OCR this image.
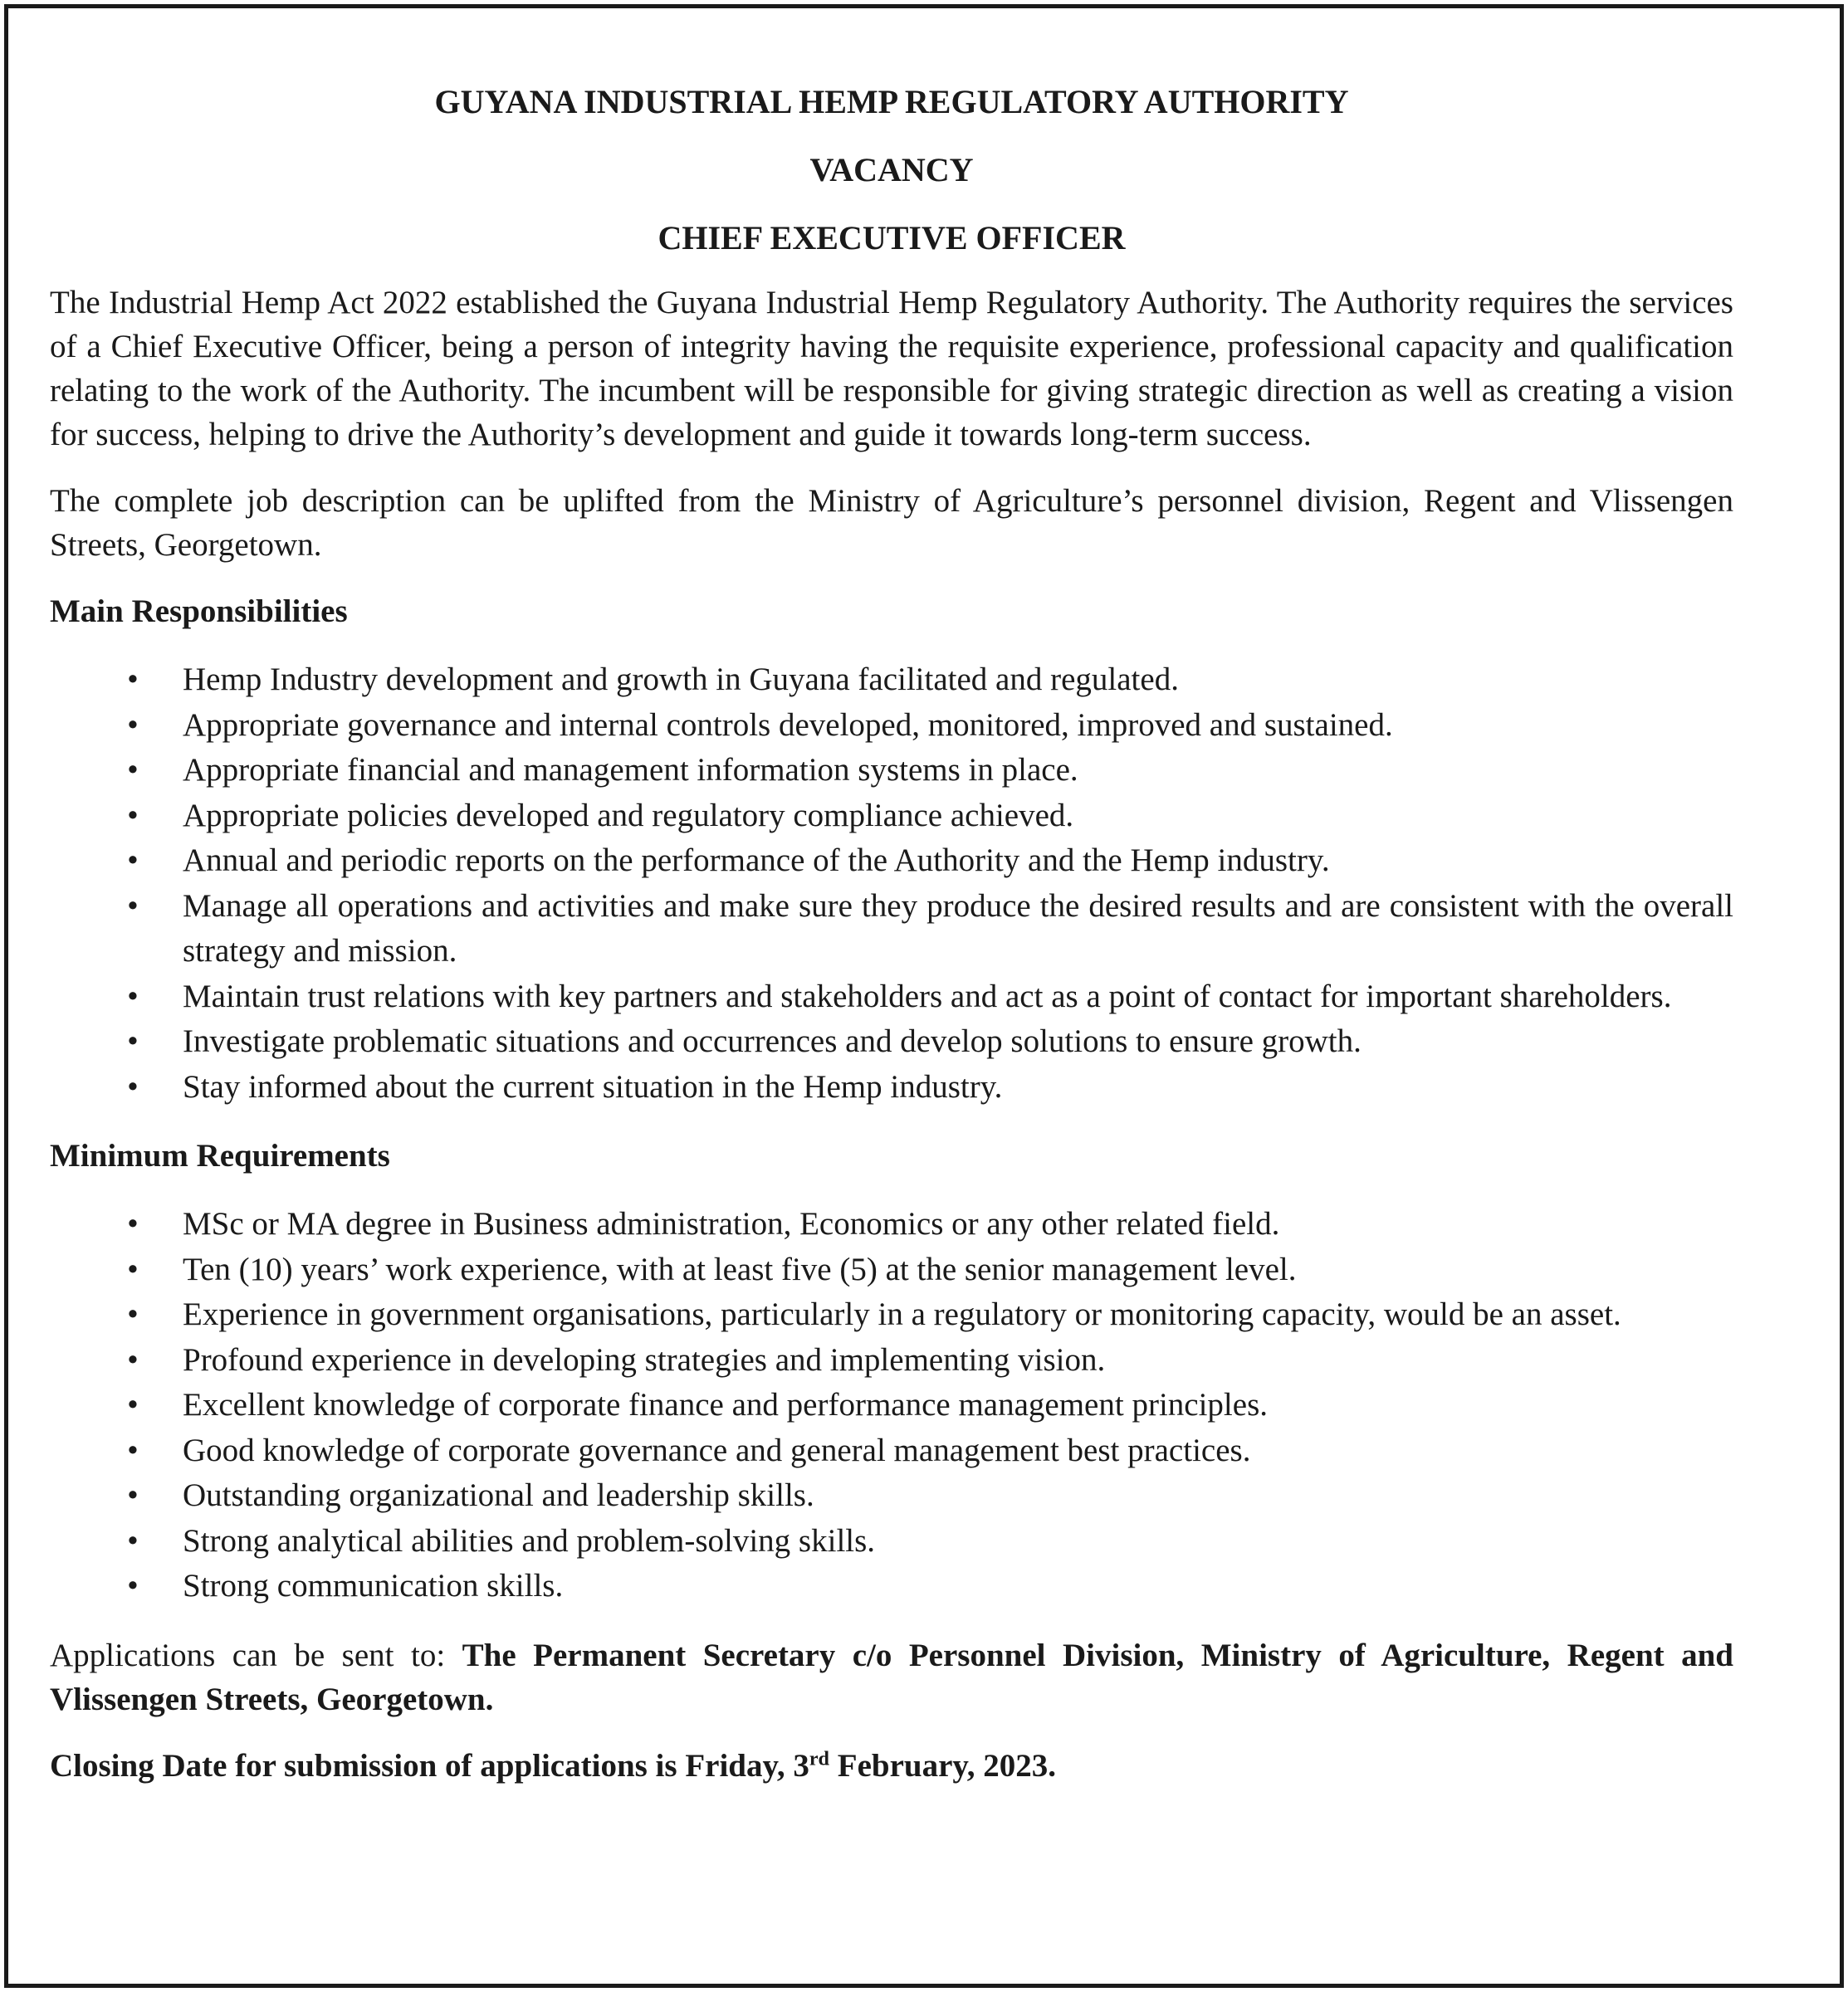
GUYANA INDUSTRIAL HEMP REGULATORY AUTHORITY
VACANCY
CHIEF EXECUTIVE OFFICER

The Industrial Hemp Act 2022 established the Guyana Industrial Hemp Regulatory Authority. The Authority requires the services of a Chief Executive Officer, being a person of integrity having the requisite experience, professional capacity and qualification relating to the work of the Authority. The incumbent will be responsible for giving strategic direction as well as creating a vision for success, helping to drive the Authority’s development and guide it towards long-term success.

The complete job description can be uplifted from the Ministry of Agriculture’s personnel division, Regent and Vlissengen Streets, Georgetown.

Main Responsibilities
• Hemp Industry development and growth in Guyana facilitated and regulated.
• Appropriate governance and internal controls developed, monitored, improved and sustained.
• Appropriate financial and management information systems in place.
• Appropriate policies developed and regulatory compliance achieved.
• Annual and periodic reports on the performance of the Authority and the Hemp industry.
• Manage all operations and activities and make sure they produce the desired results and are consistent with the overall strategy and mission.
• Maintain trust relations with key partners and stakeholders and act as a point of contact for important shareholders.
• Investigate problematic situations and occurrences and develop solutions to ensure growth.
• Stay informed about the current situation in the Hemp industry.
Minimum Requirements
• MSc or MA degree in Business administration, Economics or any other related field.
• Ten (10) years’ work experience, with at least five (5) at the senior management level.
• Experience in government organisations, particularly in a regulatory or monitoring capacity, would be an asset.
• Profound experience in developing strategies and implementing vision.
• Excellent knowledge of corporate finance and performance management principles.
• Good knowledge of corporate governance and general management best practices.
• Outstanding organizational and leadership skills.
• Strong analytical abilities and problem-solving skills.
• Strong communication skills.

Applications can be sent to: The Permanent Secretary c/o Personnel Division, Ministry of Agriculture, Regent and Vlissengen Streets, Georgetown.

Closing Date for submission of applications is Friday, 3rd February, 2023.
